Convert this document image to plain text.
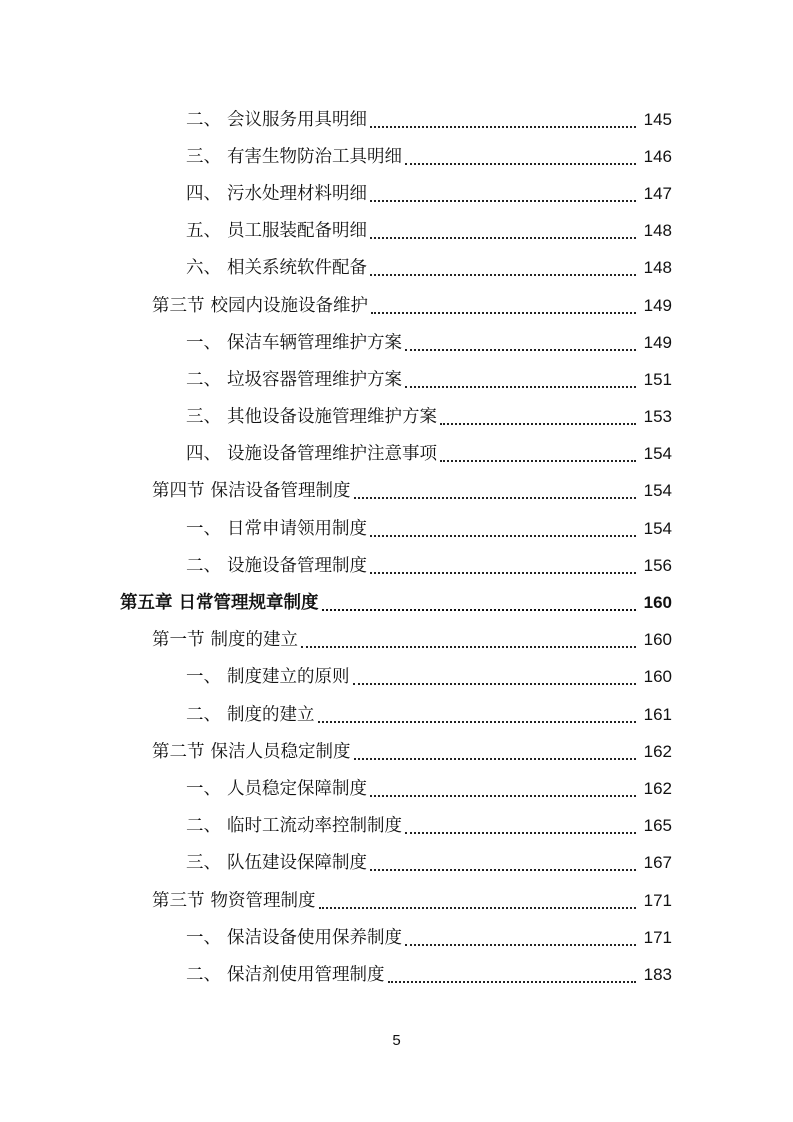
二、 会议服务用具明细	145
三、 有害生物防治工具明细	146
四、 污水处理材料明细	147
五、 员工服装配备明细	148
六、 相关系统软件配备	148
第三节 校园内设施设备维护	149
一、 保洁车辆管理维护方案	149
二、 垃圾容器管理维护方案	151
三、 其他设备设施管理维护方案	153
四、 设施设备管理维护注意事项	154
第四节 保洁设备管理制度	154
一、 日常申请领用制度	154
二、 设施设备管理制度	156
第五章 日常管理规章制度	160
第一节 制度的建立	160
一、 制度建立的原则	160
二、 制度的建立	161
第二节 保洁人员稳定制度	162
一、 人员稳定保障制度	162
二、 临时工流动率控制制度	165
三、 队伍建设保障制度	167
第三节 物资管理制度	171
一、 保洁设备使用保养制度	171
二、 保洁剂使用管理制度	183
5
